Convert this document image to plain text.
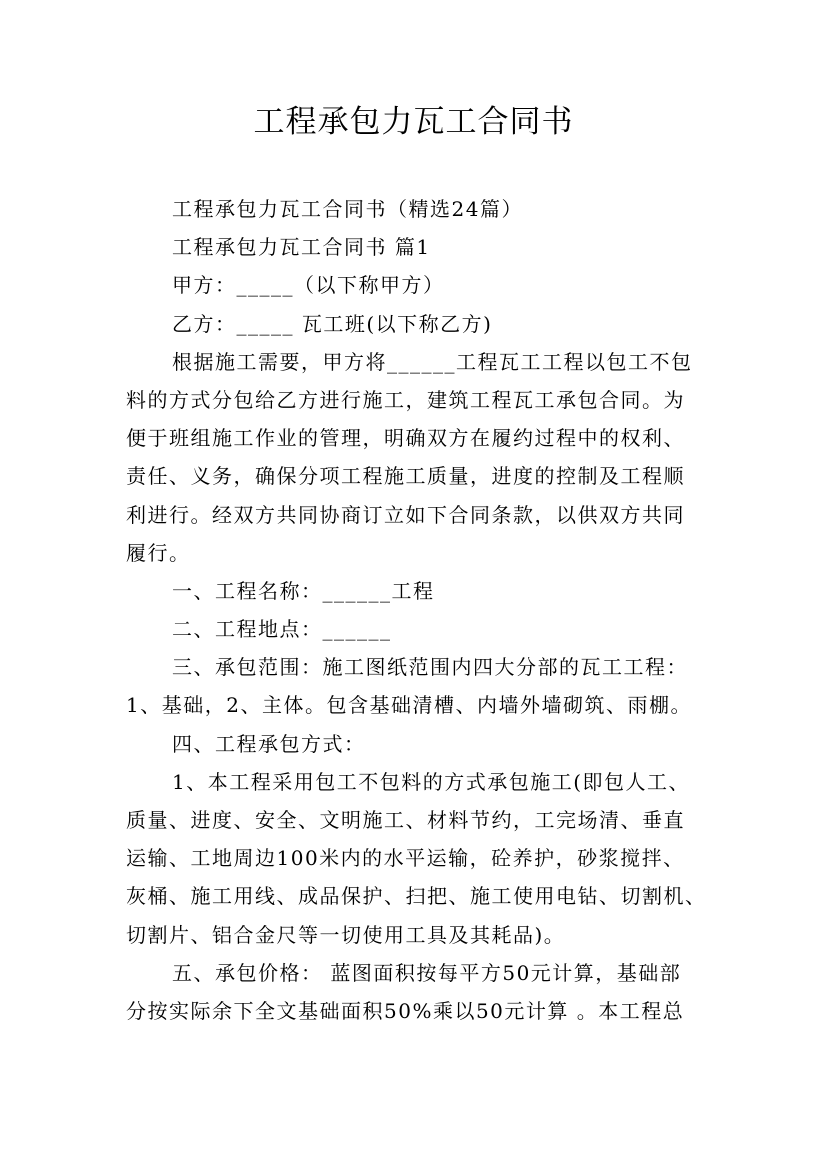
工程承包力瓦工合同书
工程承包力瓦工合同书（精选24篇）
工程承包力瓦工合同书 篇1
甲方：_____（以下称甲方）
乙方：_____ 瓦工班(以下称乙方)
根据施工需要，甲方将______工程瓦工工程以包工不包
料的方式分包给乙方进行施工，建筑工程瓦工承包合同。为
便于班组施工作业的管理，明确双方在履约过程中的权利、
责任、义务，确保分项工程施工质量，进度的控制及工程顺
利进行。经双方共同协商订立如下合同条款，以供双方共同
履行。
一、工程名称：______工程
二、工程地点：______
三、承包范围：施工图纸范围内四大分部的瓦工工程：
1、基础，2、主体。包含基础清槽、内墙外墙砌筑、雨棚。
四、工程承包方式：
1、本工程采用包工不包料的方式承包施工(即包人工、
质量、进度、安全、文明施工、材料节约，工完场清、垂直
运输、工地周边100米内的水平运输，砼养护，砂浆搅拌、
灰桶、施工用线、成品保护、扫把、施工使用电钻、切割机、
切割片、铝合金尺等一切使用工具及其耗品)。
五、承包价格： 蓝图面积按每平方50元计算，基础部
分按实际余下全文基础面积50%乘以50元计算 。本工程总
